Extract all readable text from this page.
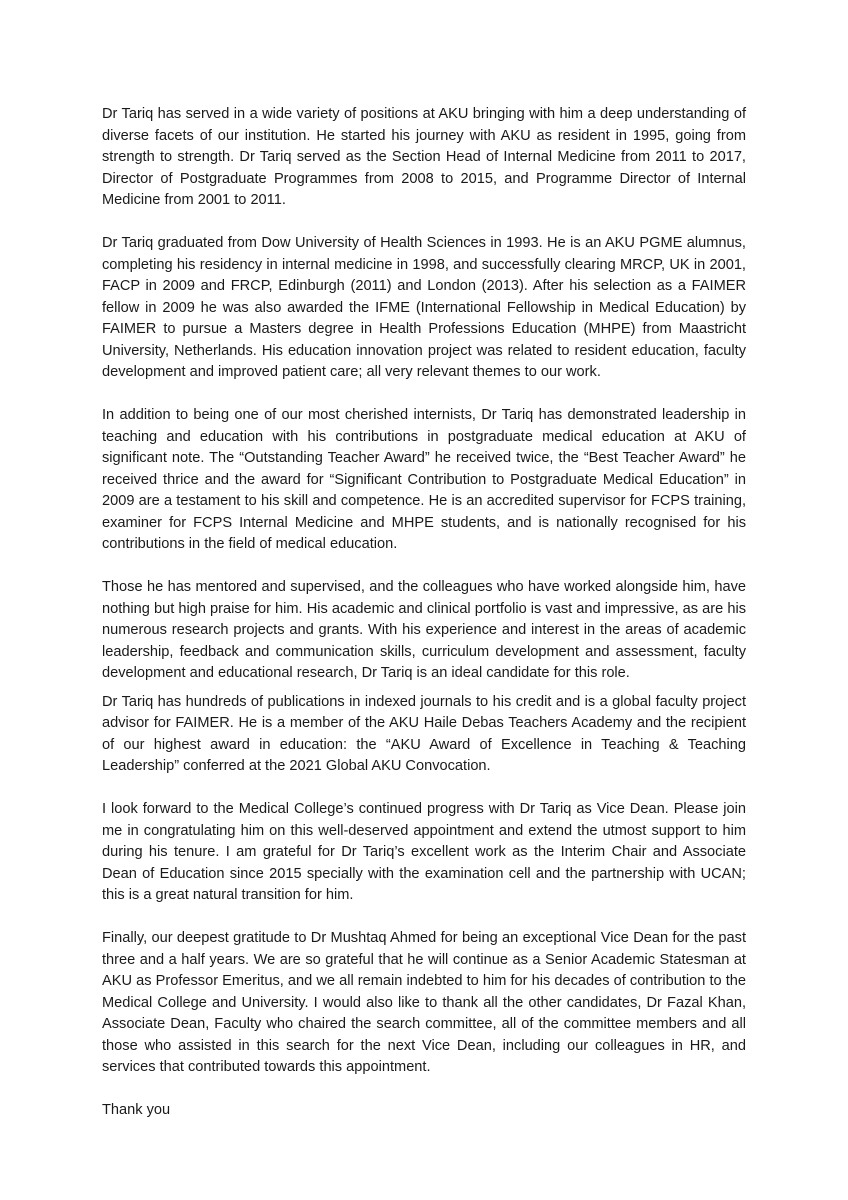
Dr Tariq has served in a wide variety of positions at AKU bringing with him a deep understanding of diverse facets of our institution. He started his journey with AKU as resident in 1995, going from strength to strength. Dr Tariq served as the Section Head of Internal Medicine from 2011 to 2017, Director of Postgraduate Programmes from 2008 to 2015, and Programme Director of Internal Medicine from 2001 to 2011.

Dr Tariq graduated from Dow University of Health Sciences in 1993. He is an AKU PGME alumnus, completing his residency in internal medicine in 1998, and successfully clearing MRCP, UK in 2001, FACP in 2009 and FRCP, Edinburgh (2011) and London (2013). After his selection as a FAIMER fellow in 2009 he was also awarded the IFME (International Fellowship in Medical Education) by FAIMER to pursue a Masters degree in Health Professions Education (MHPE) from Maastricht University, Netherlands. His education innovation project was related to resident education, faculty development and improved patient care; all very relevant themes to our work.

In addition to being one of our most cherished internists, Dr Tariq has demonstrated leadership in teaching and education with his contributions in postgraduate medical education at AKU of significant note. The “Outstanding Teacher Award” he received twice, the “Best Teacher Award” he received thrice and the award for “Significant Contribution to Postgraduate Medical Education” in 2009 are a testament to his skill and competence. He is an accredited supervisor for FCPS training, examiner for FCPS Internal Medicine and MHPE students, and is nationally recognised for his contributions in the field of medical education.

Those he has mentored and supervised, and the colleagues who have worked alongside him, have nothing but high praise for him. His academic and clinical portfolio is vast and impressive, as are his numerous research projects and grants. With his experience and interest in the areas of academic leadership, feedback and communication skills, curriculum development and assessment, faculty development and educational research, Dr Tariq is an ideal candidate for this role.

Dr Tariq has hundreds of publications in indexed journals to his credit and is a global faculty project advisor for FAIMER. He is a member of the AKU Haile Debas Teachers Academy and the recipient of our highest award in education: the “AKU Award of Excellence in Teaching & Teaching Leadership” conferred at the 2021 Global AKU Convocation.

I look forward to the Medical College’s continued progress with Dr Tariq as Vice Dean. Please join me in congratulating him on this well-deserved appointment and extend the utmost support to him during his tenure. I am grateful for Dr Tariq’s excellent work as the Interim Chair and Associate Dean of Education since 2015 specially with the examination cell and the partnership with UCAN; this is a great natural transition for him.

Finally, our deepest gratitude to Dr Mushtaq Ahmed for being an exceptional Vice Dean for the past three and a half years. We are so grateful that he will continue as a Senior Academic Statesman at AKU as Professor Emeritus, and we all remain indebted to him for his decades of contribution to the Medical College and University. I would also like to thank all the other candidates, Dr Fazal Khan, Associate Dean, Faculty who chaired the search committee, all of the committee members and all those who assisted in this search for the next Vice Dean, including our colleagues in HR, and services that contributed towards this appointment.

Thank you
